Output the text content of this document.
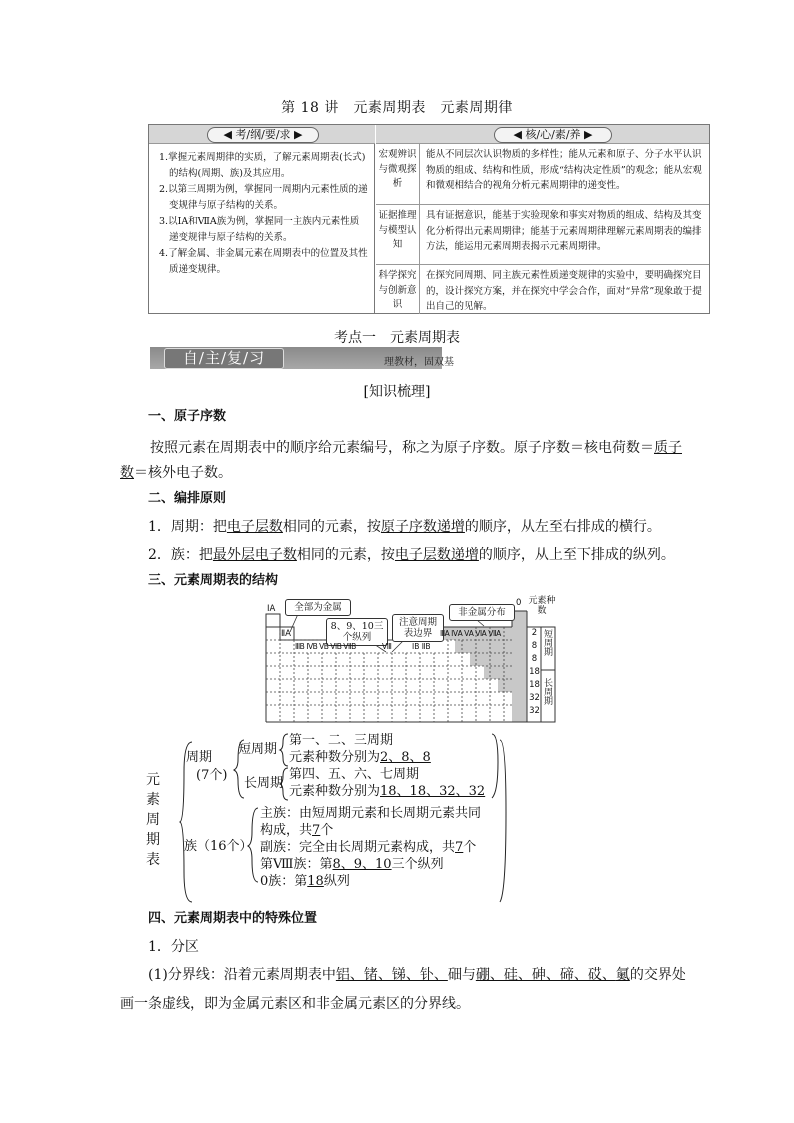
第 18 讲　元素周期表　元素周期律
◀ 考/纲/要/求 ▶	◀ 核/心/素/养 ▶

1.掌握元素周期律的实质，了解元素周期表(长式)的结构(周期、族)及其应用。

2.以第三周期为例，掌握同一周期内元素性质的递变规律与原子结构的关系。

3.以ⅠA和ⅦA族为例，掌握同一主族内元素性质递变规律与原子结构的关系。

4.了解金属、非金属元素在周期表中的位置及其性质递变规律。

宏观辨识与微观探析
能从不同层次认识物质的多样性；能从元素和原子、分子水平认识物质的组成、结构和性质，形成“结构决定性质”的观念；能从宏观和微观相结合的视角分析元素周期律的递变性。
证据推理与模型认知
具有证据意识，能基于实验现象和事实对物质的组成、结构及其变化分析得出元素周期律；能基于元素周期律理解元素周期表的编排方法，能运用元素周期表揭示元素周期律。
科学探究与创新意识
在探究同周期、同主族元素性质递变规律的实验中，要明确探究目的，设计探究方案，并在探究中学会合作，面对“异常”现象敢于提出自己的见解。
考点一　元素周期表
自/主/复/习	理教材，固双基
[知识梳理]
一、原子序数
按照元素在周期表中的顺序给元素编号，称之为原子序数。原子序数＝核电荷数＝质子
数＝核外电子数。
二、编排原则
1．周期：把电子层数相同的元素，按原子序数递增的顺序，从左至右排成的横行。
2．族：把最外层电子数相同的元素，按电子层数递增的顺序，从上至下排成的纵列。
三、元素周期表的结构
全部为金属
8、9、10三个纵列
注意周期表边界
非金属分布
ⅠA
ⅡA	ⅢA ⅣA ⅤA ⅥA ⅦA
0
ⅢB ⅣB ⅤB ⅥB ⅦB	Ⅷ	ⅠB ⅡB
元素种数
2
8
8
18
18
32
32
短周期
长周期
元素周期表
周期
(7个)
短周期
第一、二、三周期
元素种数分别为2、8、8
长周期
第四、五、六、七周期
元素种数分别为18、18、32、32
族（16个）
主族：由短周期元素和长周期元素共同
构成，共7个
副族：完全由长周期元素构成，共7个
第Ⅷ族：第8、9、10三个纵列
0族：第18纵列
四、元素周期表中的特殊位置
1．分区
(1)分界线：沿着元素周期表中铝、锗、锑、钋、鿬与硼、硅、砷、碲、砹、鿫的交界处
画一条虚线，即为金属元素区和非金属元素区的分界线。
